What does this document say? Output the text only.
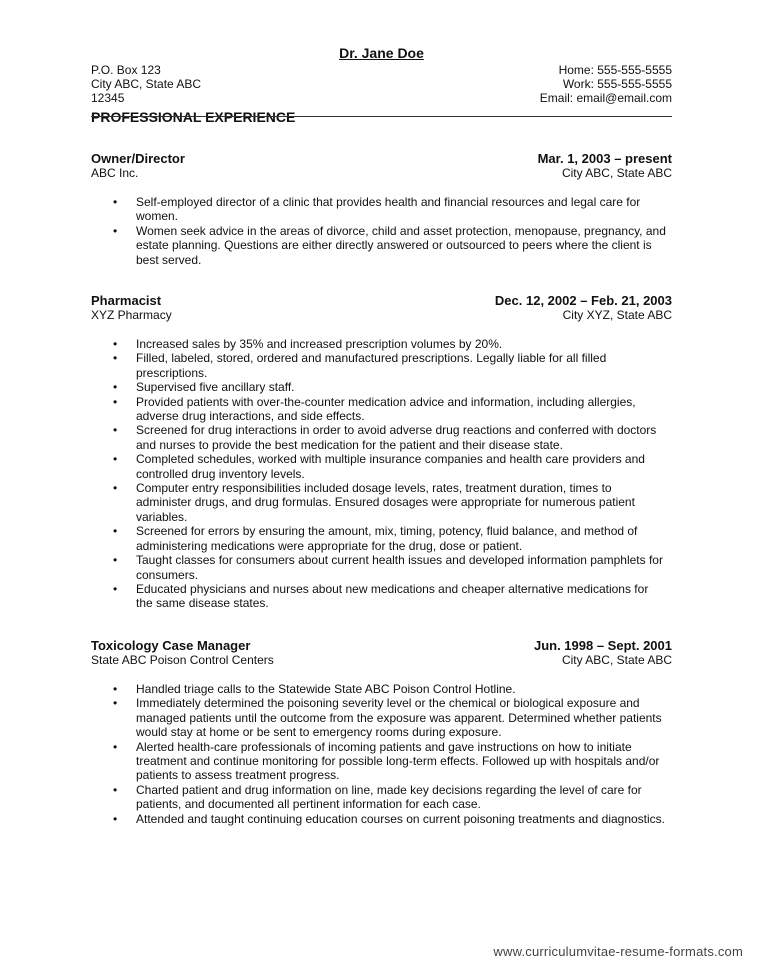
Dr. Jane Doe
P.O. Box 123
City ABC, State ABC
12345
Home: 555-555-5555
Work: 555-555-5555
Email: email@email.com
PROFESSIONAL EXPERIENCE
Owner/Director	Mar. 1, 2003 – present
ABC Inc.	City ABC, State ABC
• Self-employed director of a clinic that provides health and financial resources and legal care for women.
• Women seek advice in the areas of divorce, child and asset protection, menopause, pregnancy, and estate planning. Questions are either directly answered or outsourced to peers where the client is best served.
Pharmacist	Dec. 12, 2002 – Feb. 21, 2003
XYZ Pharmacy	City XYZ, State ABC
• Increased sales by 35% and increased prescription volumes by 20%.
• Filled, labeled, stored, ordered and manufactured prescriptions. Legally liable for all filled prescriptions.
• Supervised five ancillary staff.
• Provided patients with over-the-counter medication advice and information, including allergies, adverse drug interactions, and side effects.
• Screened for drug interactions in order to avoid adverse drug reactions and conferred with doctors and nurses to provide the best medication for the patient and their disease state.
• Completed schedules, worked with multiple insurance companies and health care providers and controlled drug inventory levels.
• Computer entry responsibilities included dosage levels, rates, treatment duration, times to administer drugs, and drug formulas. Ensured dosages were appropriate for numerous patient variables.
• Screened for errors by ensuring the amount, mix, timing, potency, fluid balance, and method of administering medications were appropriate for the drug, dose or patient.
• Taught classes for consumers about current health issues and developed information pamphlets for consumers.
• Educated physicians and nurses about new medications and cheaper alternative medications for the same disease states.
Toxicology Case Manager	Jun. 1998 – Sept. 2001
State ABC Poison Control Centers	City ABC, State ABC
• Handled triage calls to the Statewide State ABC Poison Control Hotline.
• Immediately determined the poisoning severity level or the chemical or biological exposure and managed patients until the outcome from the exposure was apparent. Determined whether patients would stay at home or be sent to emergency rooms during exposure.
• Alerted health-care professionals of incoming patients and gave instructions on how to initiate treatment and continue monitoring for possible long-term effects. Followed up with hospitals and/or patients to assess treatment progress.
• Charted patient and drug information on line, made key decisions regarding the level of care for patients, and documented all pertinent information for each case.
• Attended and taught continuing education courses on current poisoning treatments and diagnostics.
www.curriculumvitae-resume-formats.com
